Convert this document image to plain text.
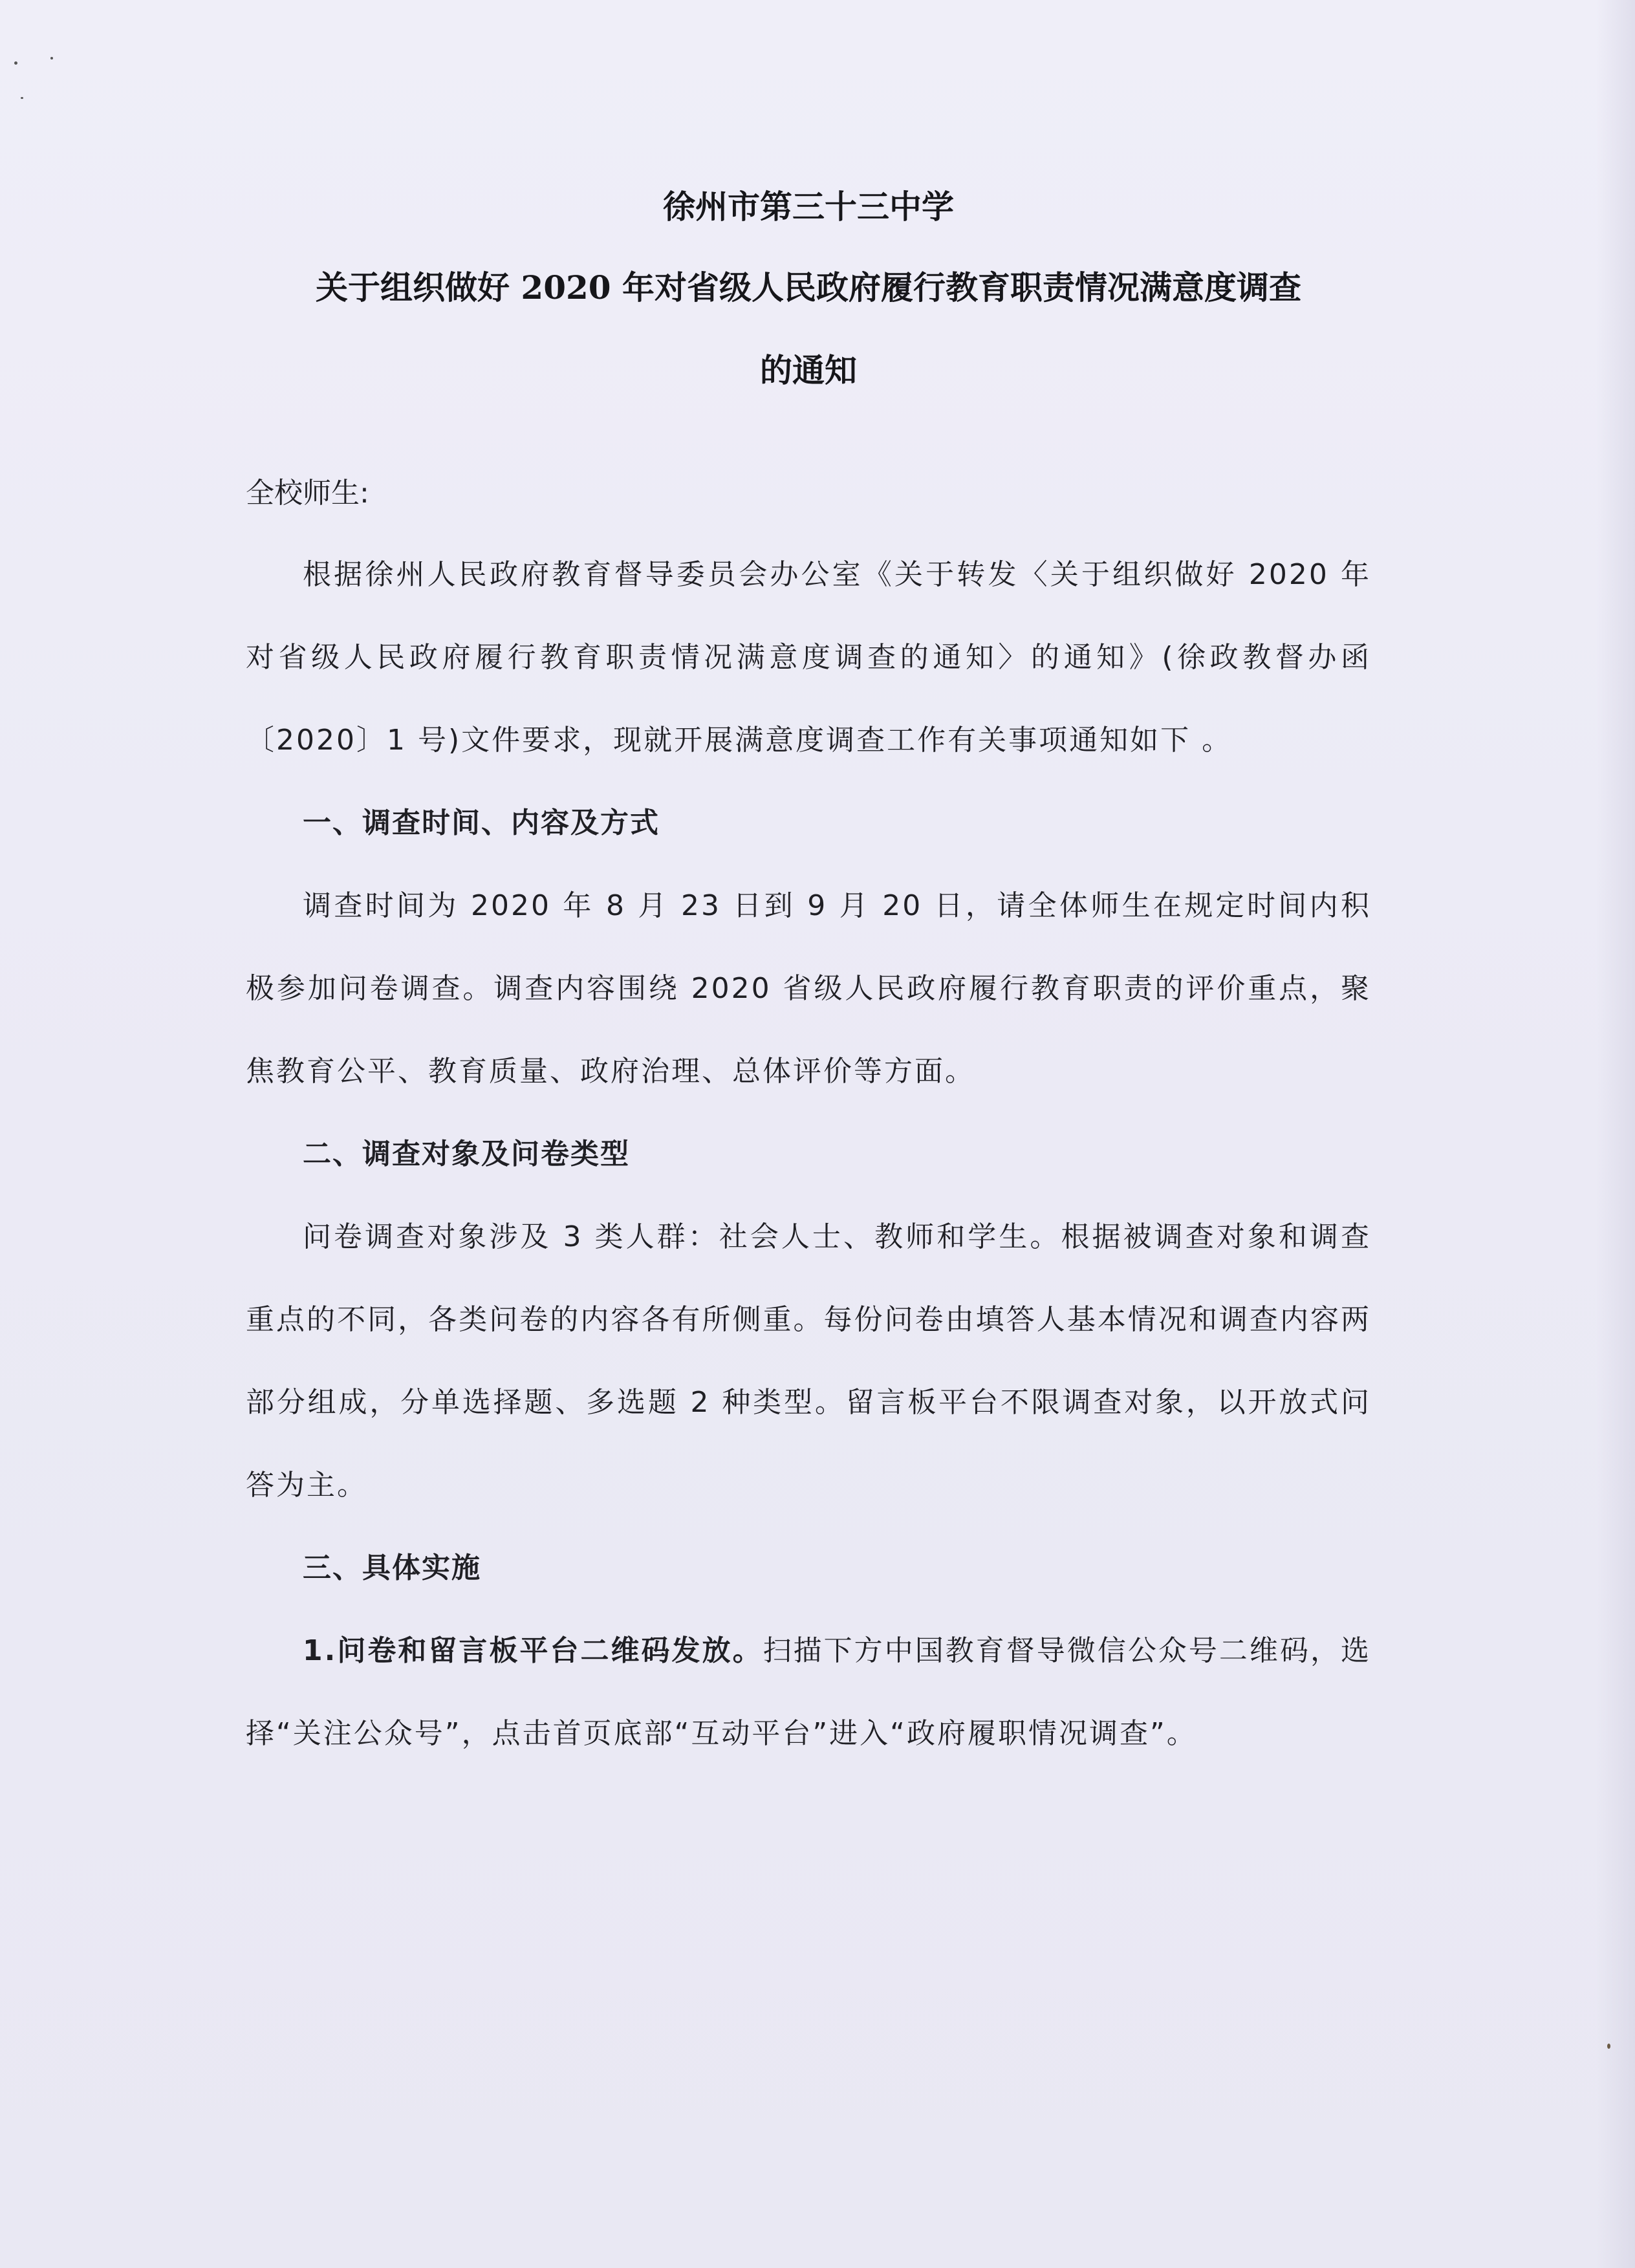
徐州市第三十三中学
关于组织做好 2020 年对省级人民政府履行教育职责情况满意度调查
的通知
全校师生:

根据徐州人民政府教育督导委员会办公室《关于转发〈关于组织做好 2020 年对省级人民政府履行教育职责情况满意度调查的通知〉的通知》(徐政教督办函〔2020〕1 号)文件要求，现就开展满意度调查工作有关事项通知如下 。

一、调查时间、内容及方式

调查时间为 2020 年 8 月 23 日到 9 月 20 日，请全体师生在规定时间内积极参加问卷调查。调查内容围绕 2020 省级人民政府履行教育职责的评价重点，聚焦教育公平、教育质量、政府治理、总体评价等方面。

二、调查对象及问卷类型

问卷调查对象涉及 3 类人群：社会人士、教师和学生。根据被调查对象和调查重点的不同，各类问卷的内容各有所侧重。每份问卷由填答人基本情况和调查内容两部分组成，分单选择题、多选题 2 种类型。留言板平台不限调查对象，以开放式问答为主。

三、具体实施

1.问卷和留言板平台二维码发放。扫描下方中国教育督导微信公众号二维码，选择“关注公众号”，点击首页底部“互动平台”进入“政府履职情况调查”。
